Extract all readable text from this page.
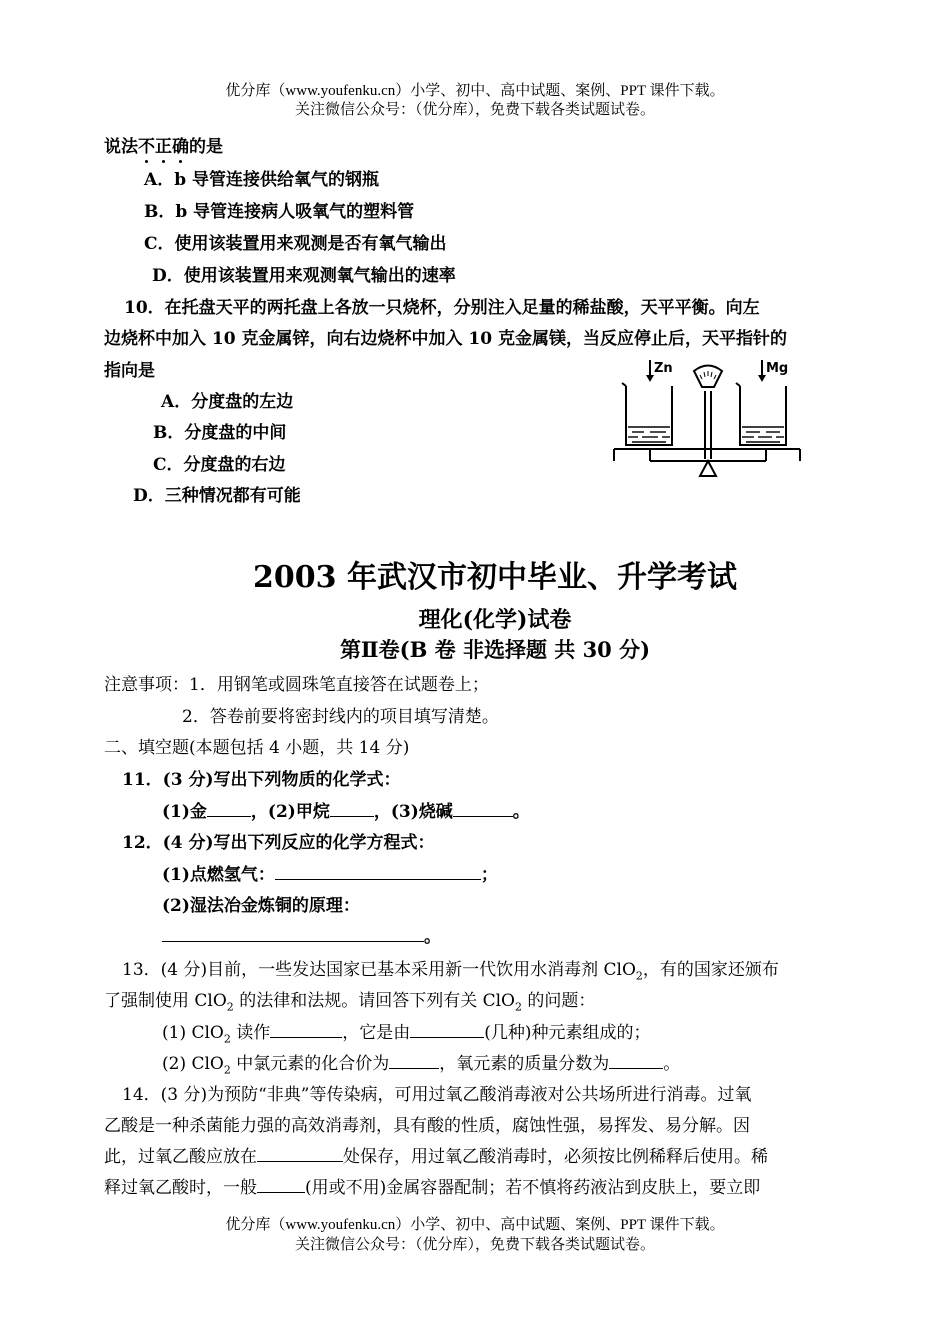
优分库（www.youfenku.cn）小学、初中、高中试题、案例、PPT 课件下载。
关注微信公众号：（优分库），免费下载各类试题试卷。
说法不
正
确
的是
A．b 导管连接供给氧气的钢瓶
B．b 导管连接病人吸氧气的塑料管
C．使用该装置用来观测是否有氧气输出
D．使用该装置用来观测氧气输出的速率
10．在托盘天平的两托盘上各放一只烧杯，分别注入足量的稀盐酸，天平平衡。向左
边烧杯中加入 10 克金属锌，向右边烧杯中加入 10 克金属镁，当反应停止后，天平指针的
指向是
A．分度盘的左边
B．分度盘的中间
C．分度盘的右边
D．三种情况都有可能
Zn	Mg
2003 年武汉市初中毕业、升学考试
理化(化学)试卷
第Ⅱ卷(B 卷 非选择题 共 30 分)
注意事项：1．用钢笔或圆珠笔直接答在试题卷上；
2．答卷前要将密封线内的项目填写清楚。
二、填空题(本题包括 4 小题，共 14 分)
11．(3 分)写出下列物质的化学式：
(1)金	，(2)甲烷	，(3)烧碱	。
12．(4 分)写出下列反应的化学方程式：
(1)点燃氢气：	；
(2)湿法冶金炼铜的原理：
。
13．(4 分)目前，一些发达国家已基本采用新一代饮用水消毒剂 ClO$_2$，有的国家还颁布
了强制使用 ClO$_2$ 的法律和法规。请回答下列有关 ClO$_2$ 的问题：
(1) ClO$_2$ 读作	，它是由	(几种)种元素组成的；
(2) ClO$_2$ 中氯元素的化合价为	，氧元素的质量分数为	。
14．(3 分)为预防“非典”等传染病，可用过氧乙酸消毒液对公共场所进行消毒。过氧
乙酸是一种杀菌能力强的高效消毒剂，具有酸的性质，腐蚀性强，易挥发、易分解。因
此，过氧乙酸应放在	处保存，用过氧乙酸消毒时，必须按比例稀释后使用。稀
释过氧乙酸时，一般	(用或不用)金属容器配制；若不慎将药液沾到皮肤上，要立即
优分库（www.youfenku.cn）小学、初中、高中试题、案例、PPT 课件下载。
关注微信公众号：（优分库），免费下载各类试题试卷。
